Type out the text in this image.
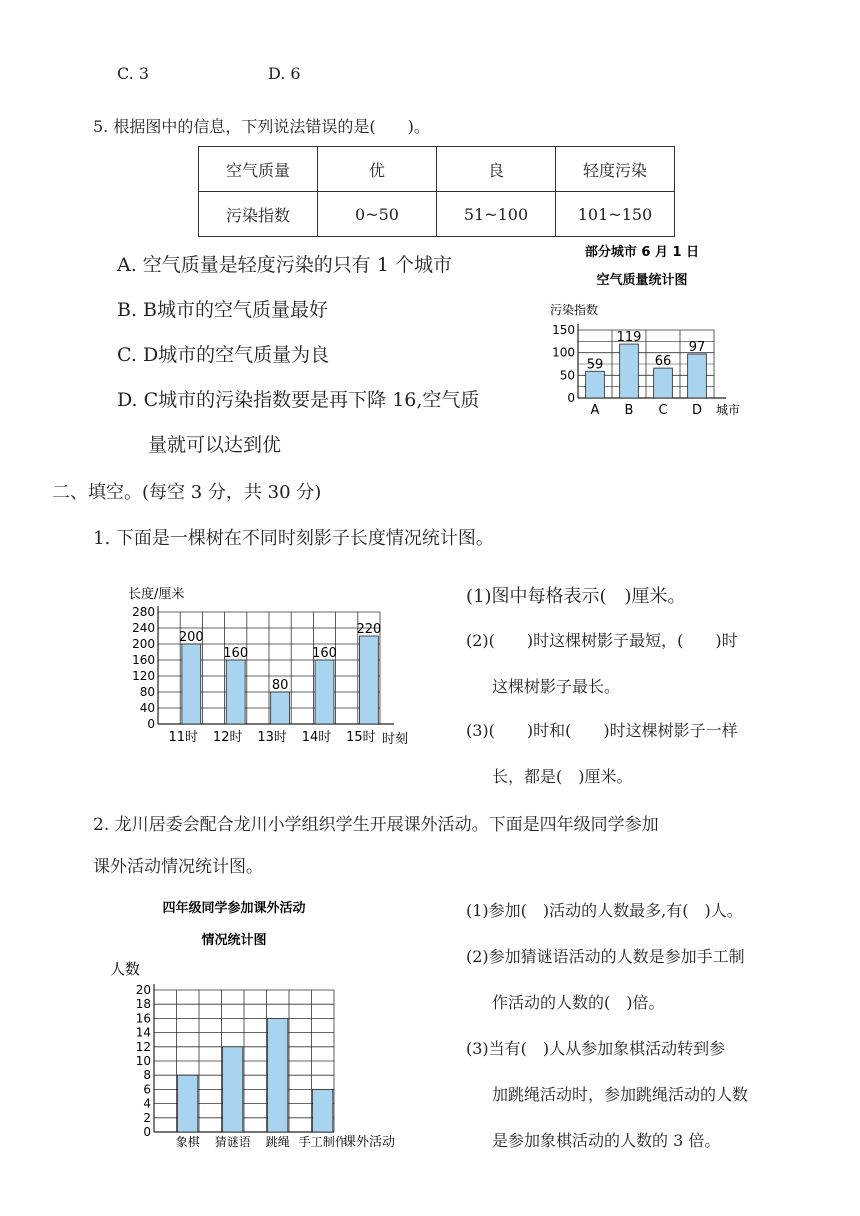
C. 3	D. 6
5. 根据图中的信息，下列说法错误的是(　　)。
空气质量	优	良	轻度污染
污染指数	0~50	51~100	101~150
A. 空气质量是轻度污染的只有 1 个城市
B. B城市的空气质量最好
C. D城市的空气质量为良
D. C城市的污染指数要是再下降 16,空气质
量就可以达到优
部分城市 6 月 1 日
空气质量统计图
污染指数
城市
0
50
100
150
59
A
119
B
66
C
97
D
二、填空。(每空 3 分，共 30 分)
1. 下面是一棵树在不同时刻影子长度情况统计图。
长度/厘米
时刻
0
40
80
120
160
200
240
280
200
11时
160
12时
80
13时
160
14时
220
15时
(1)图中每格表示(　)厘米。
(2)(　　)时这棵树影子最短，(　　)时
这棵树影子最长。
(3)(　　)时和(　　)时这棵树影子一样
长，都是(　)厘米。
2. 龙川居委会配合龙川小学组织学生开展课外活动。下面是四年级同学参加
课外活动情况统计图。
四年级同学参加课外活动
情况统计图
人数
0
2
4
6
8
10
12
14
16
18
20
象棋 猜谜语 跳绳 手工制作
课外活动
(1)参加(　)活动的人数最多,有(　)人。
(2)参加猜谜语活动的人数是参加手工制
作活动的人数的(　)倍。
(3)当有(　)人从参加象棋活动转到参
加跳绳活动时，参加跳绳活动的人数
是参加象棋活动的人数的 3 倍。
